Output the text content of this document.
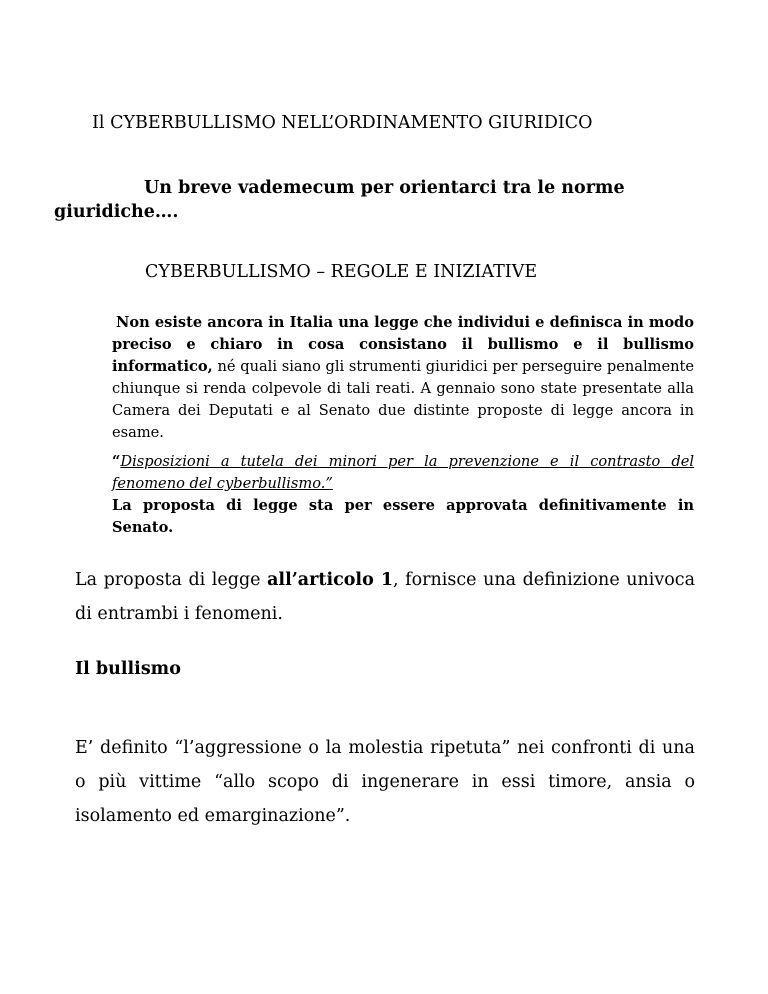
Il CYBERBULLISMO NELL’ORDINAMENTO GIURIDICO
Un breve vademecum per orientarci tra le norme
giuridiche….
CYBERBULLISMO – REGOLE E INIZIATIVE

Non esiste ancora in Italia una legge che individui e definisca in modo preciso e chiaro in cosa consistano il bullismo e il bullismo informatico, né quali siano gli strumenti giuridici per perseguire penalmente chiunque si renda colpevole di tali reati. A gennaio sono state presentate alla Camera dei Deputati e al Senato due distinte proposte di legge ancora in esame.

“Disposizioni a tutela dei minori per la prevenzione e il contrasto del fenomeno del cyberbullismo.”
La proposta di legge sta per essere approvata definitivamente in Senato.

La proposta di legge all’articolo 1, fornisce una definizione univoca di entrambi i fenomeni.

Il bullismo

E’ definito “l’aggressione o la molestia ripetuta” nei confronti di una o più vittime “allo scopo di ingenerare in essi timore, ansia o isolamento ed emarginazione”.
